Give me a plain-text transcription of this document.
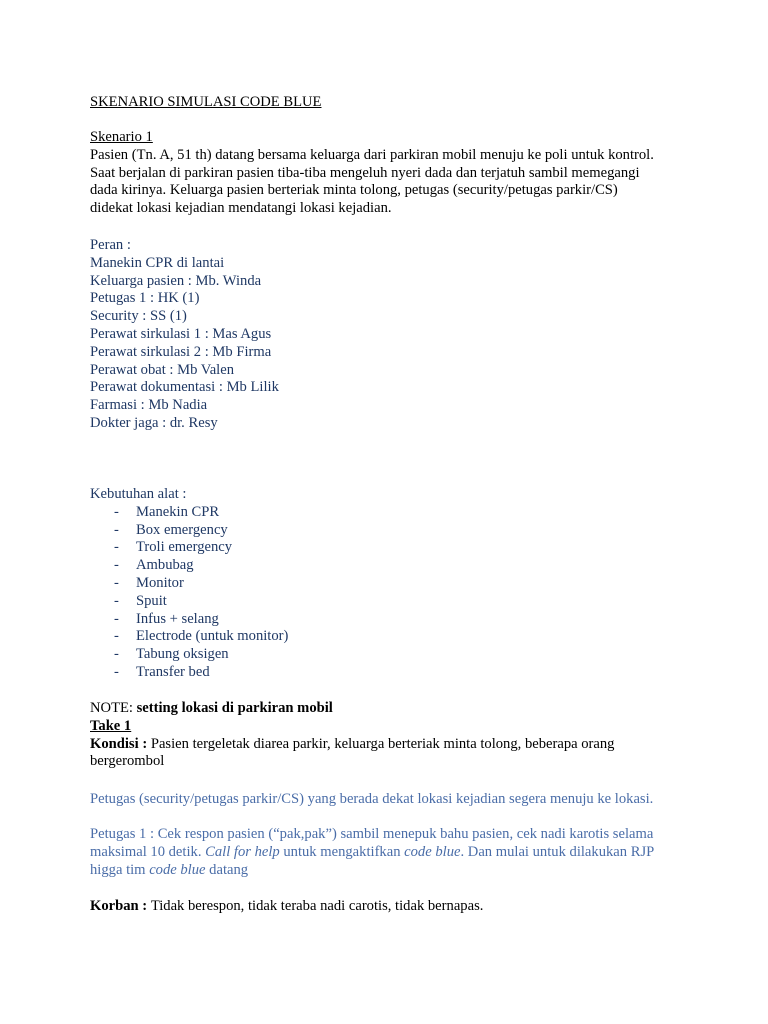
SKENARIO SIMULASI CODE BLUE
Skenario 1
Pasien (Tn. A, 51 th) datang bersama keluarga dari parkiran mobil menuju ke poli untuk kontrol.
Saat berjalan di parkiran pasien tiba-tiba mengeluh nyeri dada dan terjatuh sambil memegangi
dada kirinya. Keluarga pasien berteriak minta tolong, petugas (security/petugas parkir/CS)
didekat lokasi kejadian mendatangi lokasi kejadian.
Peran :
Manekin CPR di lantai
Keluarga pasien : Mb. Winda
Petugas 1 : HK (1)
Security : SS (1)
Perawat sirkulasi 1 : Mas Agus
Perawat sirkulasi 2 : Mb Firma
Perawat obat : Mb Valen
Perawat dokumentasi : Mb Lilik
Farmasi : Mb Nadia
Dokter jaga : dr. Resy
Kebutuhan alat :
- Manekin CPR
- Box emergency
- Troli emergency
- Ambubag
- Monitor
- Spuit
- Infus + selang
- Electrode (untuk monitor)
- Tabung oksigen
- Transfer bed
NOTE: setting lokasi di parkiran mobil
Take 1
Kondisi : Pasien tergeletak diarea parkir, keluarga berteriak minta tolong, beberapa orang
bergerombol
Petugas (security/petugas parkir/CS) yang berada dekat lokasi kejadian segera menuju ke lokasi.
Petugas 1 : Cek respon pasien (“pak,pak”) sambil menepuk bahu pasien, cek nadi karotis selama
maksimal 10 detik. Call for help untuk mengaktifkan code blue. Dan mulai untuk dilakukan RJP
higga tim code blue datang
Korban : Tidak berespon, tidak teraba nadi carotis, tidak bernapas.
